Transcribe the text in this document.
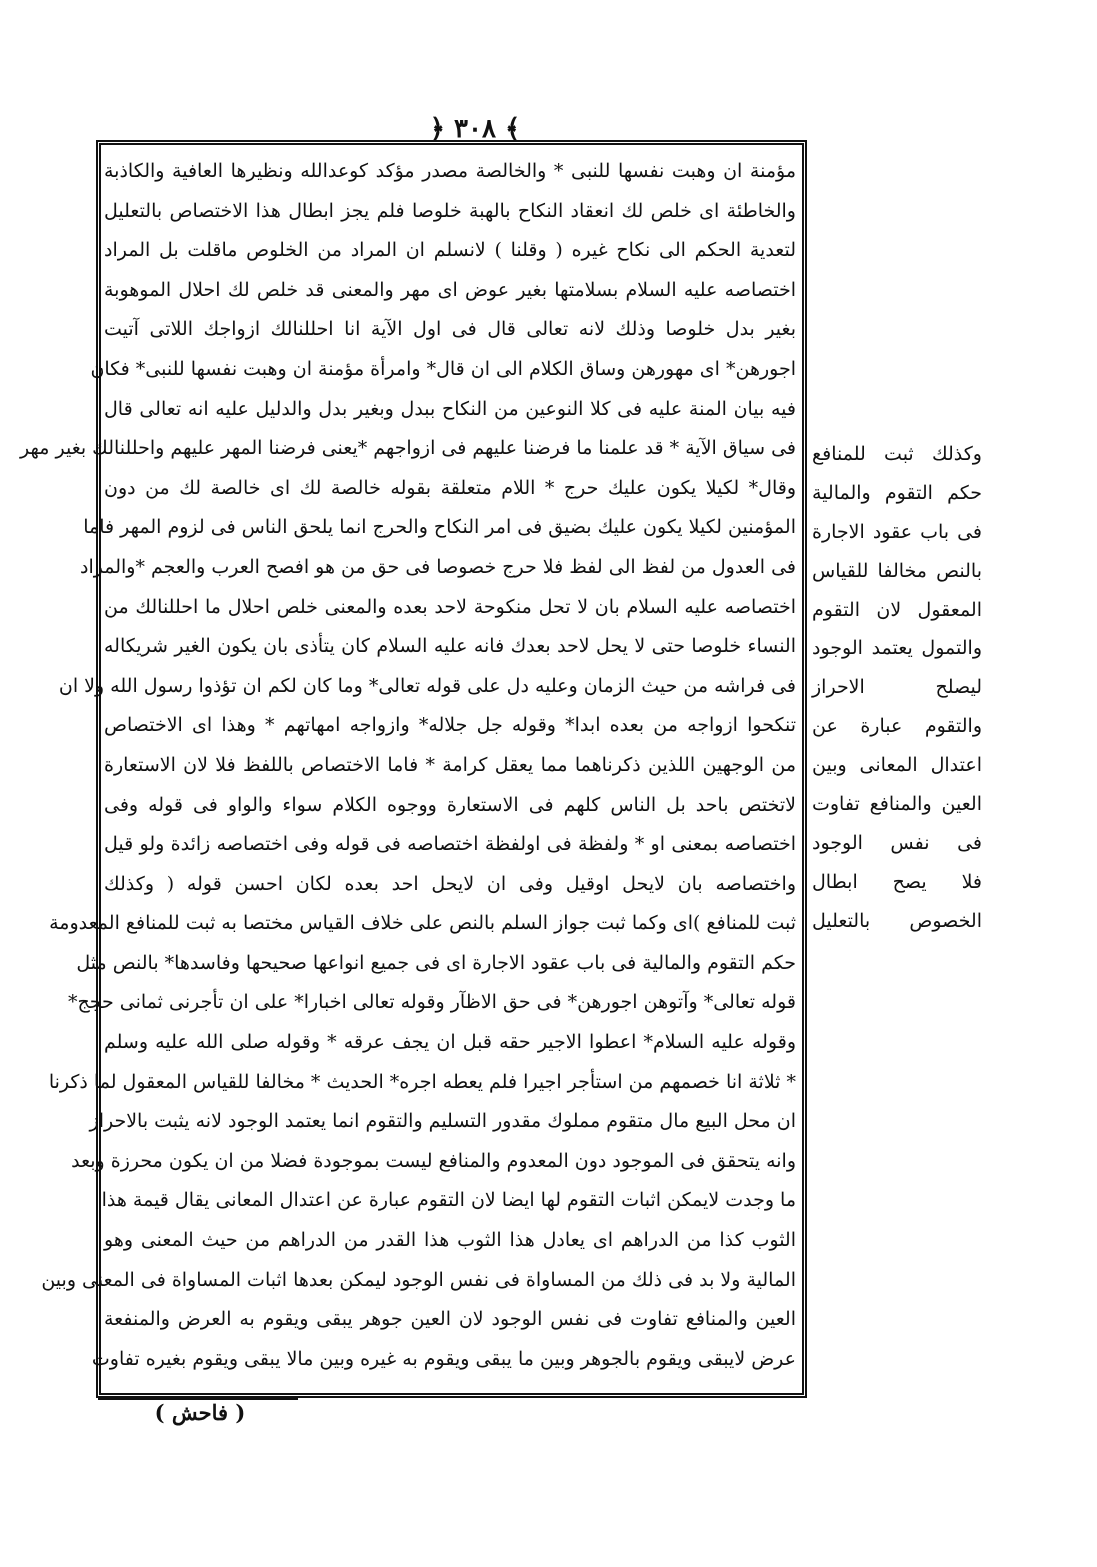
﴿ ٣٠٨ ﴾
مؤمنة ان وهبت نفسها للنبی * والخالصة مصدر مؤكد كوعدالله ونظيرها العافية والكاذبة
والخاطئة ای خلص لك انعقاد النكاح بالهبة خلوصا فلم يجز ابطال هذا الاختصاص بالتعليل
لتعدية الحكم الی نكاح غيره ( وقلنا ) لانسلم ان المراد من الخلوص ماقلت بل المراد
اختصاصه عليه السلام بسلامتها بغير عوض ای مهر والمعنی قد خلص لك احلال الموهوبة
بغير بدل خلوصا وذلك لانه تعالی قال فی اول الآية انا احللنالك ازواجك اللاتی آتيت
اجورهن* ای مهورهن وساق الكلام الی ان قال* وامرأة مؤمنة ان وهبت نفسها للنبی* فكان
فيه بيان المنة عليه فی كلا النوعين من النكاح ببدل وبغير بدل والدليل عليه انه تعالی قال
فی سياق الآية * قد علمنا ما فرضنا عليهم فی ازواجهم *يعنی فرضنا المهر عليهم واحللنالك بغير مهر
وقال* لكيلا يكون عليك حرج * اللام متعلقة بقوله خالصة لك ای خالصة لك من دون
المؤمنين لكيلا يكون عليك بضيق فی امر النكاح والحرج انما يلحق الناس فی لزوم المهر فاما
فی العدول من لفظ الی لفظ فلا حرج خصوصا فی حق من هو افصح العرب والعجم *والمراد
اختصاصه عليه السلام بان لا تحل منكوحة لاحد بعده والمعنی خلص احلال ما احللنالك من
النساء خلوصا حتی لا يحل لاحد بعدك فانه عليه السلام كان يتأذی بان يكون الغير شريكاله
فی فراشه من حيث الزمان وعليه دل علی قوله تعالی* وما كان لكم ان تؤذوا رسول الله ولا ان
تنكحوا ازواجه من بعده ابدا* وقوله جل جلاله* وازواجه امهاتهم * وهذا ای الاختصاص
من الوجهين اللذين ذكرناهما مما يعقل كرامة * فاما الاختصاص باللفظ فلا لان الاستعارة
لاتختص باحد بل الناس كلهم فی الاستعارة ووجوه الكلام سواء والواو فی قوله وفی
اختصاصه بمعنی او * ولفظة فی اولفظة اختصاصه فی قوله وفی اختصاصه زائدة ولو قيل
واختصاصه بان لايحل اوقيل وفی ان لايحل احد بعده لكان احسن قوله ( وكذلك
ثبت للمنافع )ای وكما ثبت جواز السلم بالنص علی خلاف القياس مختصا به ثبت للمنافع المعدومة
حكم التقوم والمالية فی باب عقود الاجارة ای فی جميع انواعها صحيحها وفاسدها* بالنص مثل
قوله تعالی* وآتوهن اجورهن* فی حق الاظآر وقوله تعالی اخبارا* علی ان تأجرنی ثمانی حجج*
وقوله عليه السلام* اعطوا الاجير حقه قبل ان يجف عرقه * وقوله صلی الله عليه وسلم
* ثلاثة انا خصمهم من استأجر اجيرا فلم يعطه اجره* الحديث * مخالفا للقياس المعقول لما ذكرنا
ان محل البيع مال متقوم مملوك مقدور التسليم والتقوم انما يعتمد الوجود لانه يثبت بالاحراز
وانه يتحقق فی الموجود دون المعدوم والمنافع ليست بموجودة فضلا من ان يكون محرزة وبعد
ما وجدت لايمكن اثبات التقوم لها ايضا لان التقوم عبارة عن اعتدال المعانی يقال قيمة هذا
الثوب كذا من الدراهم ای يعادل هذا الثوب هذا القدر من الدراهم من حيث المعنی وهو
المالية ولا بد فی ذلك من المساواة فی نفس الوجود ليمكن بعدها اثبات المساواة فی المعنی وبين
العين والمنافع تفاوت فی نفس الوجود لان العين جوهر يبقی ويقوم به العرض والمنفعة
عرض لايبقی ويقوم بالجوهر وبين ما يبقی ويقوم به غيره وبين مالا يبقی ويقوم بغيره تفاوت
وكذلك ثبت للمنافع
حكم التقوم والمالية
فی باب عقود الاجارة
بالنص مخالفا للقياس
المعقول لان التقوم
والتمول يعتمد الوجود
ليصلح الاحراز
والتقوم عبارة عن
اعتدال المعانی وبين
العين والمنافع تفاوت
فی نفس الوجود
فلا يصح ابطال
الخصوص بالتعليل
( فاحش )
